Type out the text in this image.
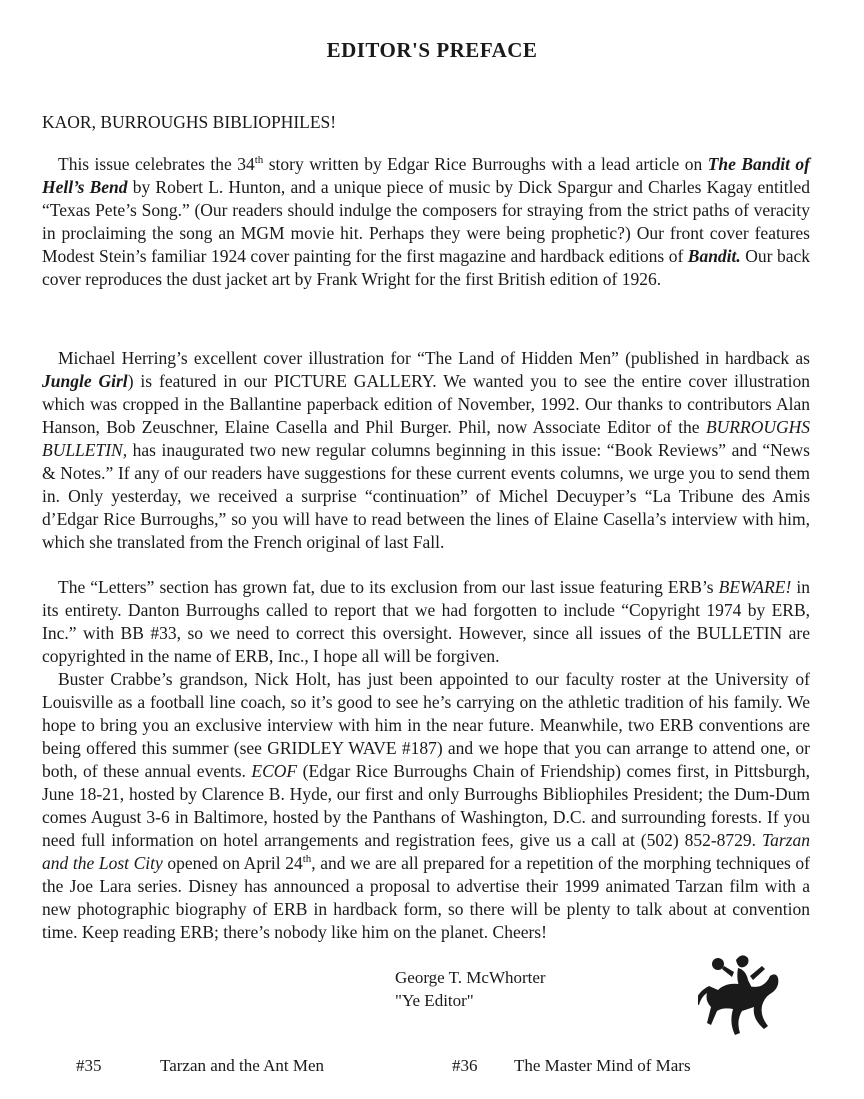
EDITOR'S PREFACE
KAOR, BURROUGHS BIBLIOPHILES!

This issue celebrates the 34th story written by Edgar Rice Burroughs with a lead article on The Bandit of Hell’s Bend by Robert L. Hunton, and a unique piece of music by Dick Spargur and Charles Kagay entitled “Texas Pete’s Song.” (Our readers should indulge the composers for straying from the strict paths of veracity in proclaiming the song an MGM movie hit. Perhaps they were being prophetic?) Our front cover features Modest Stein’s familiar 1924 cover painting for the first magazine and hardback editions of Bandit. Our back cover reproduces the dust jacket art by Frank Wright for the first British edition of 1926.

Michael Herring’s excellent cover illustration for “The Land of Hidden Men” (published in hardback as Jungle Girl) is featured in our PICTURE GALLERY. We wanted you to see the entire cover illustration which was cropped in the Ballantine paperback edition of November, 1992. Our thanks to contributors Alan Hanson, Bob Zeuschner, Elaine Casella and Phil Burger. Phil, now Associate Editor of the BURROUGHS BULLETIN, has inaugurated two new regular columns beginning in this issue: “Book Reviews” and “News & Notes.” If any of our readers have suggestions for these current events columns, we urge you to send them in. Only yesterday, we received a surprise “continuation” of Michel Decuyper’s “La Tribune des Amis d’Edgar Rice Burroughs,” so you will have to read between the lines of Elaine Casella’s interview with him, which she translated from the French original of last Fall.

The “Letters” section has grown fat, due to its exclusion from our last issue featuring ERB’s BEWARE! in its entirety. Danton Burroughs called to report that we had forgotten to include “Copyright 1974 by ERB, Inc.” with BB #33, so we need to correct this oversight. However, since all issues of the BULLETIN are copyrighted in the name of ERB, Inc., I hope all will be forgiven.

Buster Crabbe’s grandson, Nick Holt, has just been appointed to our faculty roster at the University of Louisville as a football line coach, so it’s good to see he’s carrying on the athletic tradition of his family. We hope to bring you an exclusive interview with him in the near future. Meanwhile, two ERB conventions are being offered this summer (see GRIDLEY WAVE #187) and we hope that you can arrange to attend one, or both, of these annual events. ECOF (Edgar Rice Burroughs Chain of Friendship) comes first, in Pittsburgh, June 18-21, hosted by Clarence B. Hyde, our first and only Burroughs Bibliophiles President; the Dum-Dum comes August 3-6 in Baltimore, hosted by the Panthans of Washington, D.C. and surrounding forests. If you need full information on hotel arrangements and registration fees, give us a call at (502) 852-8729. Tarzan and the Lost City opened on April 24th, and we are all prepared for a repetition of the morphing techniques of the Joe Lara series. Disney has announced a proposal to advertise their 1999 animated Tarzan film with a new photographic biography of ERB in hardback form, so there will be plenty to talk about at convention time. Keep reading ERB; there’s nobody like him on the planet. Cheers!

George T. McWhorter
"Ye Editor"
#35	Tarzan and the Ant Men	#36 The Master Mind of Mars
